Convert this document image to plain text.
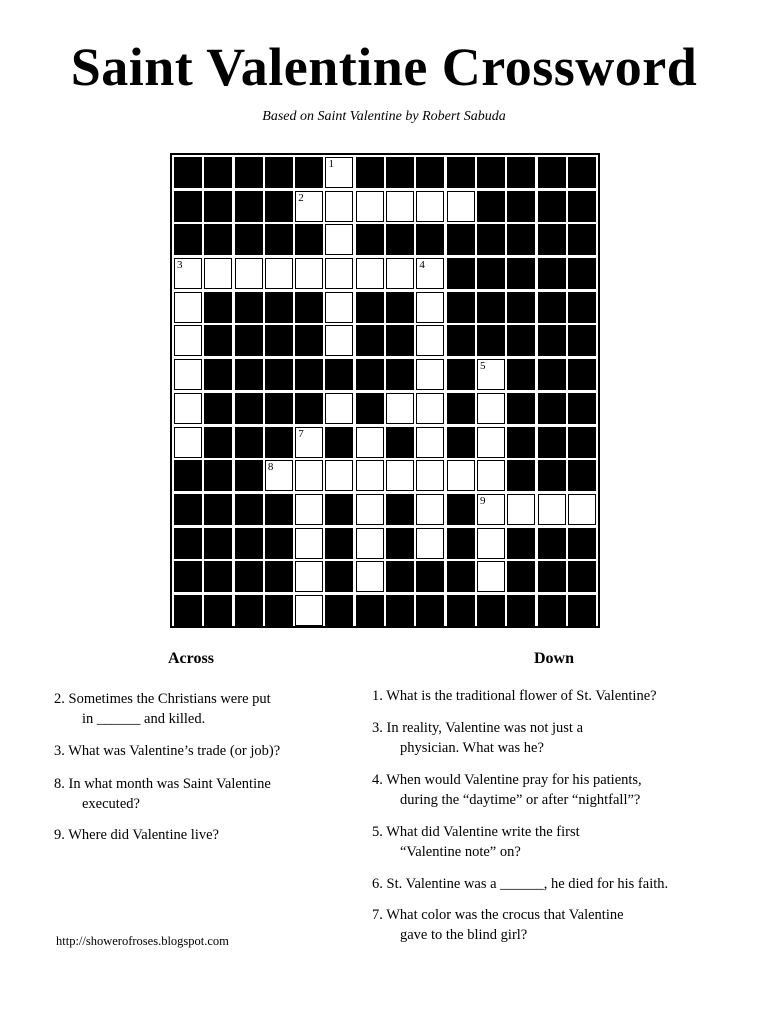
Saint Valentine Crossword
Based on Saint Valentine by Robert Sabuda
1
2
3	4
5
7
8
9
Across	Down
2. Sometimes the Christians were put
in ______ and killed.
3. What was Valentine’s trade (or job)?
8. In what month was Saint Valentine
executed?
9. Where did Valentine live?
1. What is the traditional flower of St. Valentine?
3. In reality, Valentine was not just a
physician. What was he?
4. When would Valentine pray for his patients,
during the “daytime” or after “nightfall”?
5. What did Valentine write the first
“Valentine note” on?
6. St. Valentine was a ______, he died for his faith.
7. What color was the crocus that Valentine
gave to the blind girl?
http://showerofroses.blogspot.com
